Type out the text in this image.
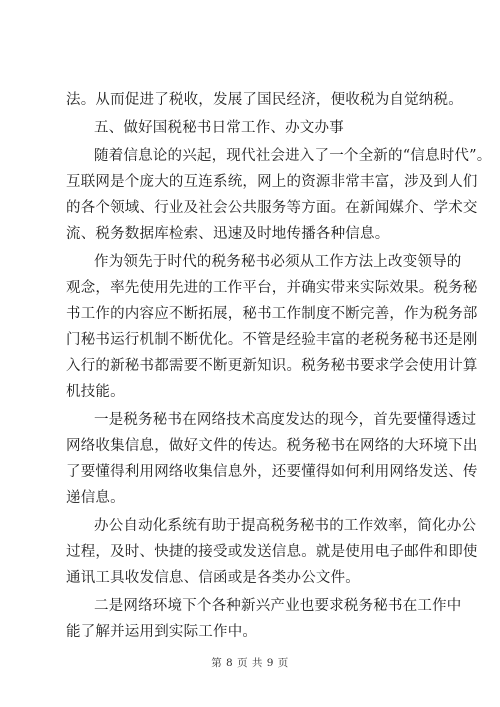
法。从而促进了税收，发展了国民经济，便收税为自觉纳税。
五、做好国税秘书日常工作、办文办事
随着信息论的兴起，现代社会进入了一个全新的“信息时代”。
互联网是个庞大的互连系统，网上的资源非常丰富，涉及到人们
的各个领域、行业及社会公共服务等方面。在新闻媒介、学术交
流、税务数据库检索、迅速及时地传播各种信息。
作为领先于时代的税务秘书必须从工作方法上改变领导的
观念，率先使用先进的工作平台，并确实带来实际效果。税务秘
书工作的内容应不断拓展，秘书工作制度不断完善，作为税务部
门秘书运行机制不断优化。不管是经验丰富的老税务秘书还是刚
入行的新秘书都需要不断更新知识。税务秘书要求学会使用计算
机技能。
一是税务秘书在网络技术高度发达的现今，首先要懂得透过
网络收集信息，做好文件的传达。税务秘书在网络的大环境下出
了要懂得利用网络收集信息外，还要懂得如何利用网络发送、传
递信息。
办公自动化系统有助于提高税务秘书的工作效率，简化办公
过程，及时、快捷的接受或发送信息。就是使用电子邮件和即使
通讯工具收发信息、信函或是各类办公文件。
二是网络环境下个各种新兴产业也要求税务秘书在工作中
能了解并运用到实际工作中。
第 8 页 共 9 页
